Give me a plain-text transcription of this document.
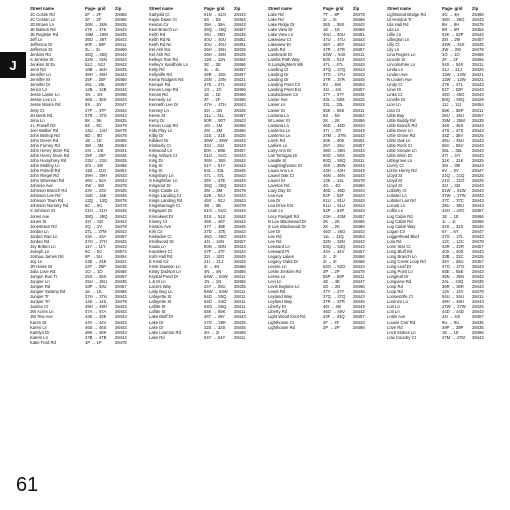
J
Street name	Page- grid	Zip
JC Costin Rd	2F → 2F	28466
JC Coston Ln	2F → 2F	28466
JD Brown Ln	26N → 26N	28425
JE Batson Rd	47K → 47K	28443
JE Register Rd	19M → 19M	28435
Jeff Ln	36O → 36T	28443
Jefferson Dr	50F → 50F	28411
Jefferson St	2L → 2L	28466
Jenkins Rd	46Q → 46Q	28443
S Jenkins St	32N → 32N	28443
Jenkins St Ex	52J → 52J	28443
Jenn Rd	16B → 16H	28425
Jennifer Ln	48H → 48H	28443
Jennifer St	25F → 25F	28466
Jennifer Dr	26L → 26L	28457
Jerico Ln	12B → 12B	28443
Jesse Lanier Ln	1N → 1N	28466
Jessie Lee Ln	36S → 36S	28443
Jesse Moore Rd	6X → 6Y	28447
Jetty Ct	47F → 47F	28443
JH Betts Rd	37R → 37S	28443
Jima Ln	5K → 5K	28425
J L Powell Rd	8Z → 9C	28478
Joel Walker Rd	14U → 14U	28478
John Bishop Rd	8D → 8D	28478
John Deere Rd	1E → 1E	28466
John Furney Rd	3M → 3M	28454
John Henry Store Rd	24I → 24I	28421
John Henry Store Rd	25F → 25F	28435
John Humphrey Rd	23U → 23U	28425
John Mobley Ln	20I → 20I	28466
John Polselli Rd	11B → 11G	28454
John Riegel Rd	39H → 39H	28443
John Wiseman Rd	46V → 52A	28443
Johnnie Ave	4W → 4W	28478
Johnson Branch Rd	23V → 23V	28425
Johnson Lee Rd	15D → 15E	28425
Johnson Town Rd	13Q → 13Q	28478
Johnson Nursery Rd	6C → 6C	28478
S Johnson St	21H → 21H	28425
Jones Ave	38Q → 38Q	28443
Jones St	32I → 32I	28443
Jonestown Rd	2Q → 2V	28478
Jordan Ln	37L → 37M	28443
Jordan Rae Ln	43A → 43A	28457
Jordan Rd	27H → 27H	28425
Joy Britten Ln	11Y → 11Y	28443
Joseph Ln	5C → 5C	28574
Joshua James Rd	5P → 5U	28454
Joy Ln	24E → 24E	28421
JR Hales Dr	24T → 25P	28435
Julia Love Rd	1O → 1O	28466
Jumpin Run Tr	25X → 25X	28457
Juniper Ln	25U → 25U	28435
Juniper Rd	33P → 33U	28457
Juniper Swamp Rd	1K → 1K	28466
Juniper Tr	37H → 37H	28443
Juniper Trl	14S → 14S	28478
Justice Ct	49H → 49H	28443
JW Acres Ln	47A → 47A	28443
JW Tew Ave	43K → 43K	28443
Karen Dr	44V → 44V	28443
Karen Ln	46S → 46S	28443
Katelyn Dr	48K → 48K	28443
Katers Ln	47B → 47B	28443
Katie Ford Rd	1P → 1P	28478
Street name	Page- grid	Zip
Kattydid Ct	51N → 51O	28443
Kayla Dawn Ct	5S → 5S	28454
Keaton Cir	39A → 39A	28443
Keel Branch Ln	26Q → 26Q	28457
Keith Rd	39J → 39O	28435
Keith Rd Nt	40U → 40U	28451
Keith Rd Ne	40U → 40U	28451
Kel Ash Ext	26H → 26H	28425
Kel Ash Rd	26H → 26N	28425
Kelleys Run Rd	11N → 11N	28454
Kelley's Sandhole Ln	2E → 2E	28466
Kelly Rd	4L → 4L	28457
Kellyville Rd	26R → 26S	28457
Kemp Rodgers Rd	24N → 24N	28421
Kemper Rd	47K → 47L	28443
Kenan Loop Rd	1G → 1G	28466
Kenan Rd	1E → 1E	28466
Kennedy Ln	2F → 2F	28466
Kenneth Lee Dr	47H → 47H	28443
Kensey Ln	32I → 32I	28445
Kente St	41L → 41L	28457
Kerry Dr	50R → 50T	28443
Kevan Loop Rd	1M → 1M	28466
Kids Play Ln	2M → 2M	28466
Kilby Dr	21E → 21E	28425
Killdeer Dr	36W → 36W	28443
Kimberly Ct	33J → 33J	28443
Kimwood Ln	50A → 50B	28457
King Arthurs Ct	51O → 51O	28443
King Dr	36N → 36S	28443
King St	51Y → 51Y	28443
King St	53L → 53L	28445
Kingsbury Ln	47L → 47L	28443
S Kingfisher Ln	39Y → 47E	28443
Kingsnut Dr	36Q → 36Q	28443
Kings Castle Ln	3M → 3M	28478
Kings Landing Ct	52E → 52J	28443
Kings Landing Rd	46X → 52J	28443
Kingsborough Ct	3B → 3B	28478
Kingsport Dr	51O → 51O	28443
Kinnakeet Dr	51S → 51S	28443
Kinsey Ct	46S → 46T	28443
Kinston Ave	37Y → 48E	28445
Kirk Cir	37D → 37E	28443
Kiskadee Ct	46O → 46O	28443
Knollwood Dr	44I → 44N	28457
Koala Ln	50N → 50N	28443
Koestlers Ct	47F → 47F	28443
Kohl Hall Rd	32I → 32O	28445
E Kristi Cir	21I → 21J	28425
Kristi Dawson Ln	4I → 4N	28466
Kristy Dodson Ln	4N → 4N	28466
Krystal Pond Dr	54W → 54W	28411
L & M Ln	1N → 1N	28466
Lacers Way	24Y → 25U	28435
Lady Bug Ln	54W → 54W	28411
Lafayette St	54O → 55Q	28411
Lafayette St	54O → 54O	28411
Lafitte St	54O → 55Q	28411
Lafitte St	54K → 55K	28411
Lake Bluff Dr	46T → 46Y	28443
Lake Dr	27O → 28K	28425
Lake Dr	32S → 32S	28445
Lake Leamon Rd	2H → 2I	28466
Lake Rd	54Y → 54Y	28411
Street name	Page- grid	Zip
Lake Rd	7T → 8P	28478
Lake Rd	1I → 2I	28466
Lake Ridge Dr	36S → 36S	28443
Lake View Dr	1E → 1E	28466
Lake View Ln	40U → 40U	28451
Lakeview Ct	47U → 47U	28443
Lakeview Dr	46Y → 46Y	28443
Lamb Rd	47R → 47R	28457
Lambrook Dr	54W → 54X	28411
Lambs Path Way	50X → 51X	28443
S Lamplighters Wk	47L → 47L	28443
Landing Ct	37Q → 37Q	28443
Landing Dr	37O → 37U	28443
Landing Dr	37R → 37R	28445
Landing Point Cir	5V → 5W	28454
Landing Point Ext	44I → 44I	28457
Landsdowne Cir	37Y → 37Y	28445
Lanier Ave	33L → 33M	28425
Lanier Ln	33L → 33L	28425
Lanier St	55K → 55K	28411
Lantana Ln	5S → 5S	28454
W Lanier St	2K → 2K	28466
Lantana Ln	46D → 46D	28443
Lanterna Ln	37I → 37I	28443
Lanterna Ln	37M → 37M	28443
Larch Rd	40K → 40K	28451
Larkins Ln	25Y → 26U	28457
Larry Ann Dr	48G → 48G	28443
Las Tortugas Dr	50O → 50X	28429
Lasalle St	50Q → 50Q	28411
Laughinghouse St	36S → 36W	28443
Laura Ann Ln	43H → 43H	28443
Laurel Oak Ct	46N → 46N	28443
Laurel St	13K → 13L	28478
Laveton Rd	4G → 4G	28466
Lazy Day Dr	46D → 46D	28443
Lea Ave	52F → 52F	28443
Lea Dr	51U → 51U	28443
Lea Drive Ext	51U → 51U	28443
Lean Ln	52P → 52P	28443
Lecy Padgett Rd	43H → 43M	28457
N Lee Blackwood Dr	2K → 2K	28466
S Lee Blackwood Dr	2K → 2K	28466
Lee Dr	46O → 46O	28443
Lee Rd	11L → 11Q	28454
Lee Rd	32N → 32N	28443
Leeward Ln	53Q → 53Q	28443
Leeward Pt	44V → 44V	28457
Legacy Lakes	2I → 2I	28466
Legacy Oaks Dr	2I → 2I	28466
Lennie Ln	52O → 52O	28443
Leslie Jenkins Rd	2P → 2P	28478
Lesna Ln	55P → 55P	28411
Levi Ln	4E → 4E	28447
Levis Boykins Ln	2D → 2D	28466
Lewis Rd	47Y → 47Y	28445
Leyland Way	37Q → 37Q	28443
Leyland Way	37R → 37R	28445
Liberty Dr	46I → 46I	28443
Liberty Rd	46O → 46V	28443
Light Wood Knot Rd	43F → 43Q	28457
Lighthouse Ct	4F → 4F	28443
Lighthouse Rd	2P → 2P	28466
Street name	Page- grid	Zip
Lightwood Bridge Rd	4G → 4H	28466
Lil Hondos Tr	36O → 36O	28443
Lila Hall Rd	8H → 8H	28478
Lila Ln	5R → 5R	28454
Lillie Ln	52K → 52P	28443
Lillington Ln	28I → 28I	28457
Lilly Ct	32W → 32X	28445
Lily Ln	2W → 2W	28478
Lina Rogers Ln	1O → 1O	28466
Lincoln St	2F → 2F	28466
Lincolnshire Ln	54X → 54X	28411
Linda Ln	21J → 21J	28425
Linden Ave	12W → 12W	28421
N Linden Ave	12W → 12W	28421
Lindy Ct	47K → 47L	28443
Linie Dr	51T → 52P	28443
Links Ct	45O → 45O	28443
Linville Dr	50Q → 50Q	28429
Lion Ln	11J → 11J	28454
Lisa Ct	55K → 55P	28411
Little Bay	26U → 26U	28457
Little Buddy Rd	25M → 25M	28435
Little Branch Rd	46S → 46S	28443
Little Dove Ln	47S → 47S	28443
Little Grove Rd	34Z → 35V	28425
Little Oak Ln	45U → 45U	28443
Little Rock Ct	55V → 55V	28443
Little Snowie Ln	38L → 38L	28443
Little Winn Dr	47I → 47I	28443
Littlegrove Ln	21K → 21K	28425
Livery Ct	39I → 39I	28443
Lizzie Henry Rd	6V → 6V	28447
Lloyd St	21Q → 21Q	28425
Lloyd St	21O → 21O	28425
Lloyd St	32I → 32I	28443
Loblolly Ct	51W → 51W	28443
Lobster Ln	37W → 37W	28443
Lobster Lair Rd	37C → 37C	28443
Locust Ln	38U → 38U	28443
Loftin Ln	42O → 42O	28457
Log Cabin Rd	1E → 1E	28466
Log Cabin Rd	1I → 1I	28466
Log Cabin Way	32S → 32S	28445
Logan Cir	6Y → 6Y	28447
Loggerhead Blvd	37G → 37L	28443
Lola Rd	12C → 12C	28478
Lone Star Ct	42R → 42R	28457
Long Bluff Rd	40S → 40S	28443
Long Branch Ln	33B → 33C	28425
Long Creek Loop Rd	25Y → 26U	28457
Long Leaf Dr	47O → 47O	28443
Long Point Ln	55E → 55E	28443
Longleaf Dr	36N → 36N	28443
Longview Rd	24L → 24Q	28435
Loop Rd	36R → 36R	28443
Loop Rd	13V → 13V	28478
Loosestrife Ct	54U → 54U	28411
Lorenzo Ln	48H → 48H	28443
Lori Ln	27W → 27W	28425
Loti Ln	44D → 44D	28443
Lottie Ave	44I → 44I	28457
Louise Carr Rd	9U → 9U	28435
Love Rd	39P → 39P	28435
Lovit Stokes Ln	1E → 1E	28466
Low Country Ct	47M → 47M	28443
61
